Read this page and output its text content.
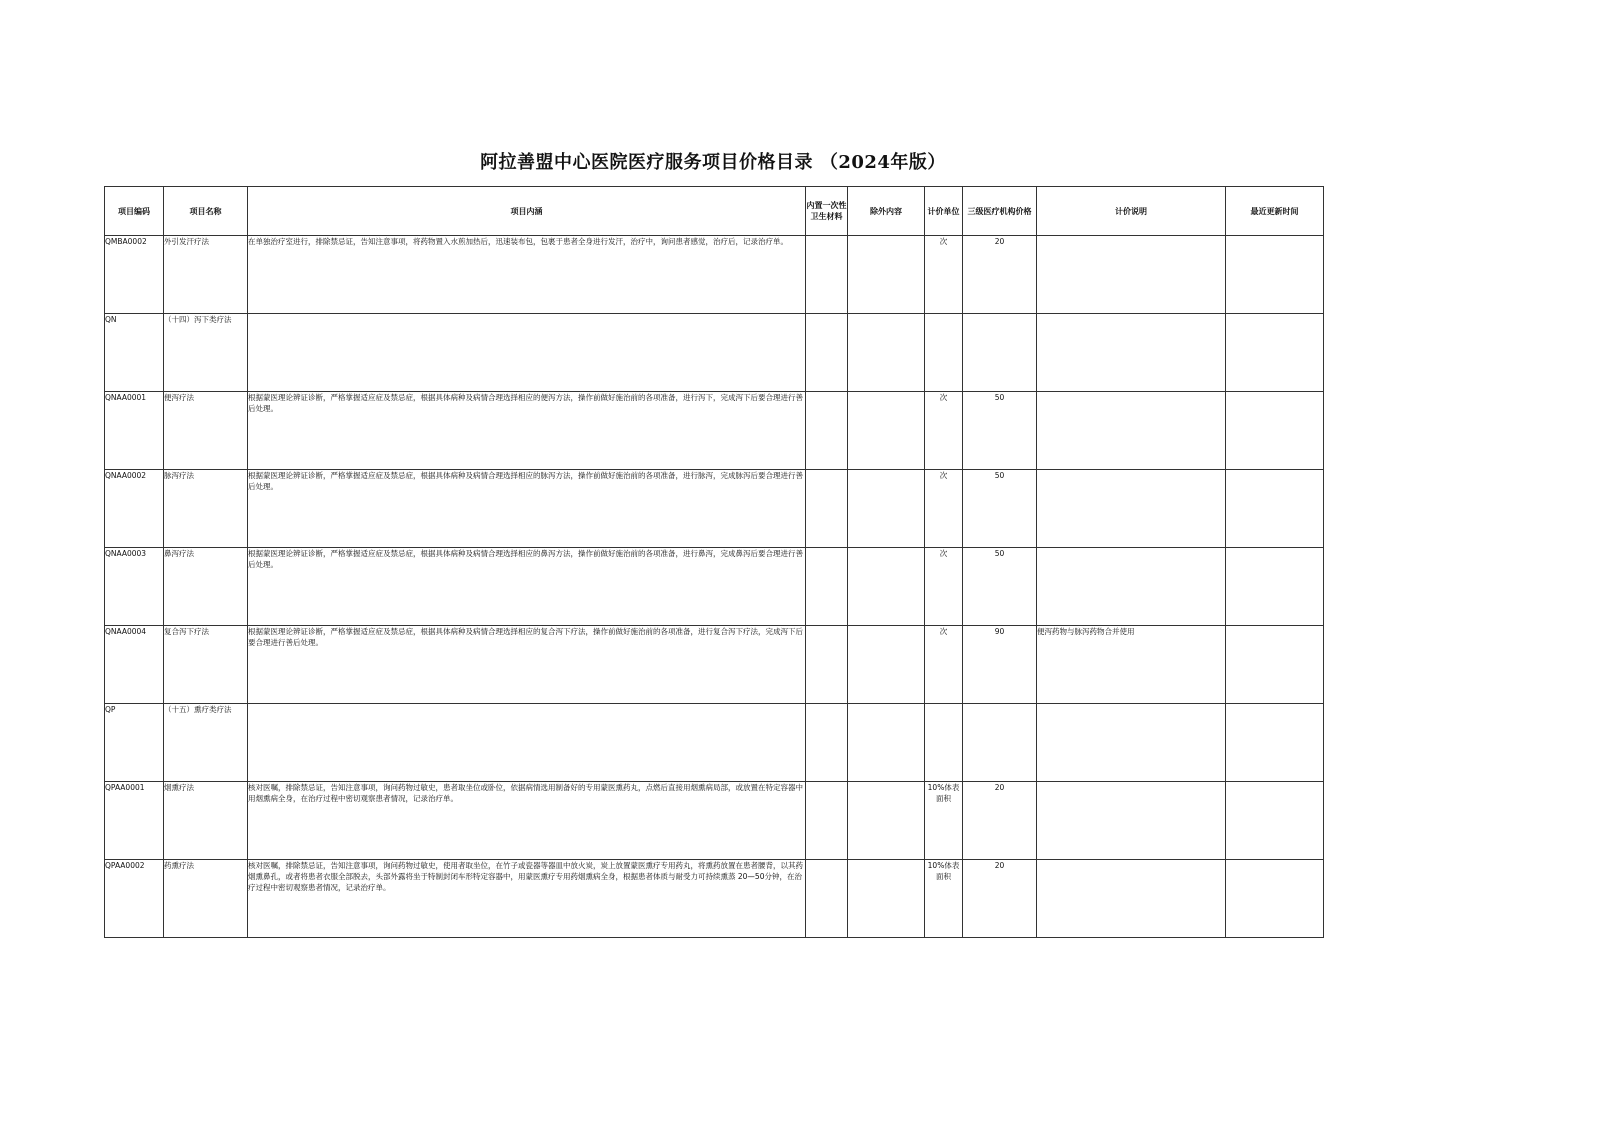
阿拉善盟中心医院医疗服务项目价格目录 （2024年版）
项目编码	项目名称	项目内涵	内置一次性卫生材料	除外内容	计价单位	三级医疗机构价格	计价说明	最近更新时间
QMBA0002	外引发汗疗法	在单独治疗室进行，排除禁忌证，告知注意事项，将药物置入水煎加热后，迅速装布包，包裹于患者全身进行发汗，治疗中，询问患者感觉，治疗后，记录治疗单。			次	20		
QN	（十四）泻下类疗法							
QNAA0001	便泻疗法	根据蒙医理论辨证诊断，严格掌握适应症及禁忌症，根据具体病种及病情合理选择相应的便泻方法，操作前做好施治前的各项准备，进行泻下，完成泻下后要合理进行善后处理。			次	50		
QNAA0002	脉泻疗法	根据蒙医理论辨证诊断，严格掌握适应症及禁忌症，根据具体病种及病情合理选择相应的脉泻方法，操作前做好施治前的各项准备，进行脉泻，完成脉泻后要合理进行善后处理。			次	50		
QNAA0003	鼻泻疗法	根据蒙医理论辨证诊断，严格掌握适应症及禁忌症，根据具体病种及病情合理选择相应的鼻泻方法，操作前做好施治前的各项准备，进行鼻泻，完成鼻泻后要合理进行善后处理。			次	50		
QNAA0004	复合泻下疗法	根据蒙医理论辨证诊断，严格掌握适应症及禁忌症，根据具体病种及病情合理选择相应的复合泻下疗法，操作前做好施治前的各项准备，进行复合泻下疗法，完成泻下后要合理进行善后处理。			次	90	便泻药物与脉泻药物合并使用	
QP	（十五）熏疗类疗法							
QPAA0001	烟熏疗法	核对医嘱，排除禁忌证，告知注意事项，询问药物过敏史，患者取坐位或卧位，依据病情选用制备好的专用蒙医熏药丸，点燃后直接用烟熏病局部，或放置在特定容器中用烟熏病全身，在治疗过程中密切观察患者情况，记录治疗单。			10%体表面积	20		
QPAA0002	药熏疗法	核对医嘱，排除禁忌证，告知注意事项，询问药物过敏史，使用者取坐位，在竹子或瓷器等器皿中放火炭，炭上放置蒙医熏疗专用药丸，将熏药放置在患者腰背，以其药烟熏鼻孔，或者将患者衣服全部脱去，头部外露将坐于特制封闭车形特定容器中，用蒙医熏疗专用药烟熏病全身，根据患者体质与耐受力可持续熏蒸 20—50分钟，在治疗过程中密切观察患者情况，记录治疗单。			10%体表面积	20		
